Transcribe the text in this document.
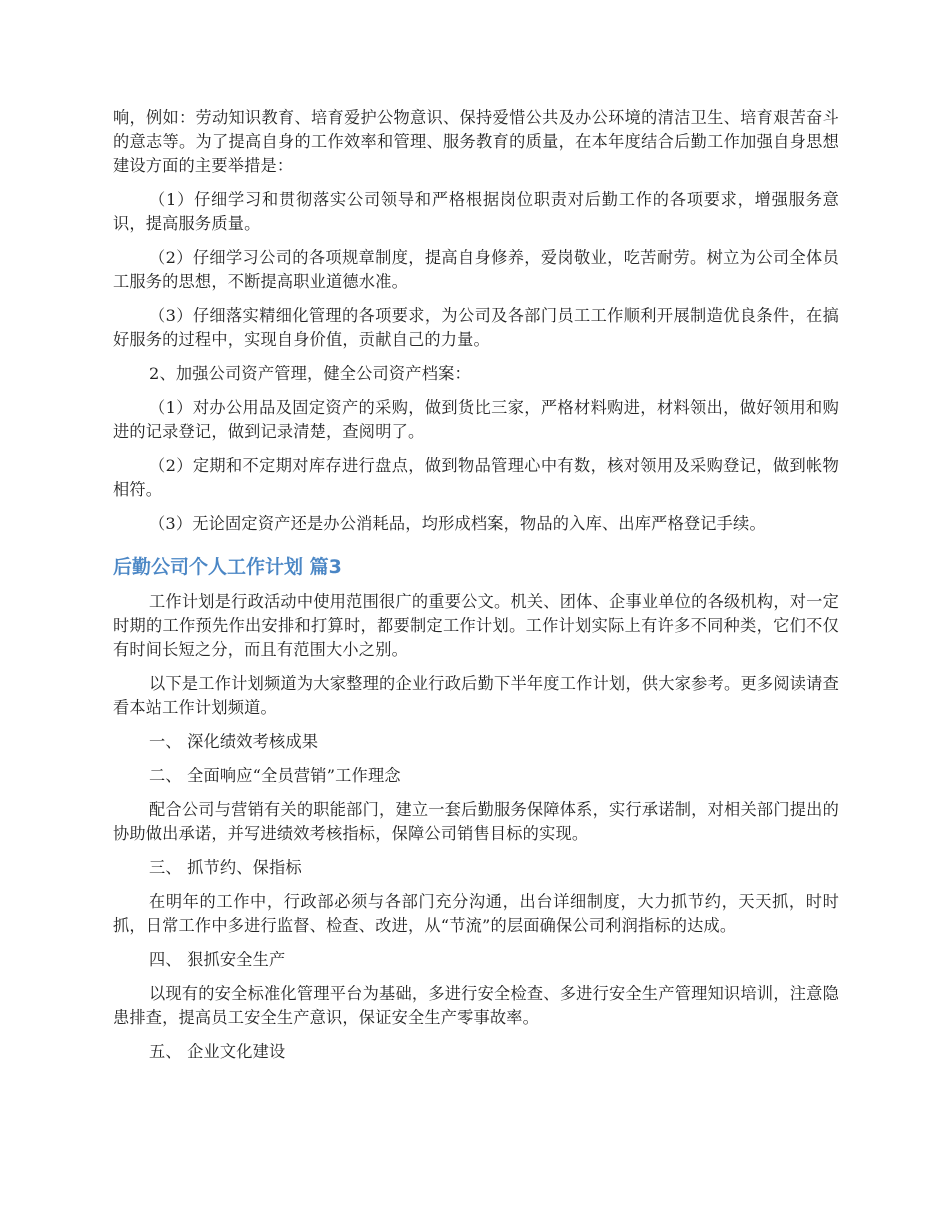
响，例如：劳动知识教育、培育爱护公物意识、保持爱惜公共及办公环境的清洁卫生、培育艰苦奋斗的意志等。为了提高自身的工作效率和管理、服务教育的质量，在本年度结合后勤工作加强自身思想建设方面的主要举措是：

（1）仔细学习和贯彻落实公司领导和严格根据岗位职责对后勤工作的各项要求，增强服务意识，提高服务质量。

（2）仔细学习公司的各项规章制度，提高自身修养，爱岗敬业，吃苦耐劳。树立为公司全体员工服务的思想，不断提高职业道德水准。

（3）仔细落实精细化管理的各项要求，为公司及各部门员工工作顺利开展制造优良条件，在搞好服务的过程中，实现自身价值，贡献自己的力量。

2、加强公司资产管理，健全公司资产档案：

（1）对办公用品及固定资产的采购，做到货比三家，严格材料购进，材料领出，做好领用和购进的记录登记，做到记录清楚，查阅明了。

（2）定期和不定期对库存进行盘点，做到物品管理心中有数，核对领用及采购登记，做到帐物相符。

（3）无论固定资产还是办公消耗品，均形成档案，物品的入库、出库严格登记手续。

后勤公司个人工作计划 篇3

工作计划是行政活动中使用范围很广的重要公文。机关、团体、企事业单位的各级机构，对一定时期的工作预先作出安排和打算时，都要制定工作计划。工作计划实际上有许多不同种类，它们不仅有时间长短之分，而且有范围大小之别。

以下是工作计划频道为大家整理的企业行政后勤下半年度工作计划，供大家参考。更多阅读请查看本站工作计划频道。

一、 深化绩效考核成果

二、 全面响应“全员营销”工作理念

配合公司与营销有关的职能部门，建立一套后勤服务保障体系，实行承诺制，对相关部门提出的协助做出承诺，并写进绩效考核指标，保障公司销售目标的实现。

三、 抓节约、保指标

在明年的工作中，行政部必须与各部门充分沟通，出台详细制度，大力抓节约，天天抓，时时抓，日常工作中多进行监督、检查、改进，从“节流”的层面确保公司利润指标的达成。

四、 狠抓安全生产

以现有的安全标准化管理平台为基础，多进行安全检查、多进行安全生产管理知识培训，注意隐患排查，提高员工安全生产意识，保证安全生产零事故率。

五、 企业文化建设
